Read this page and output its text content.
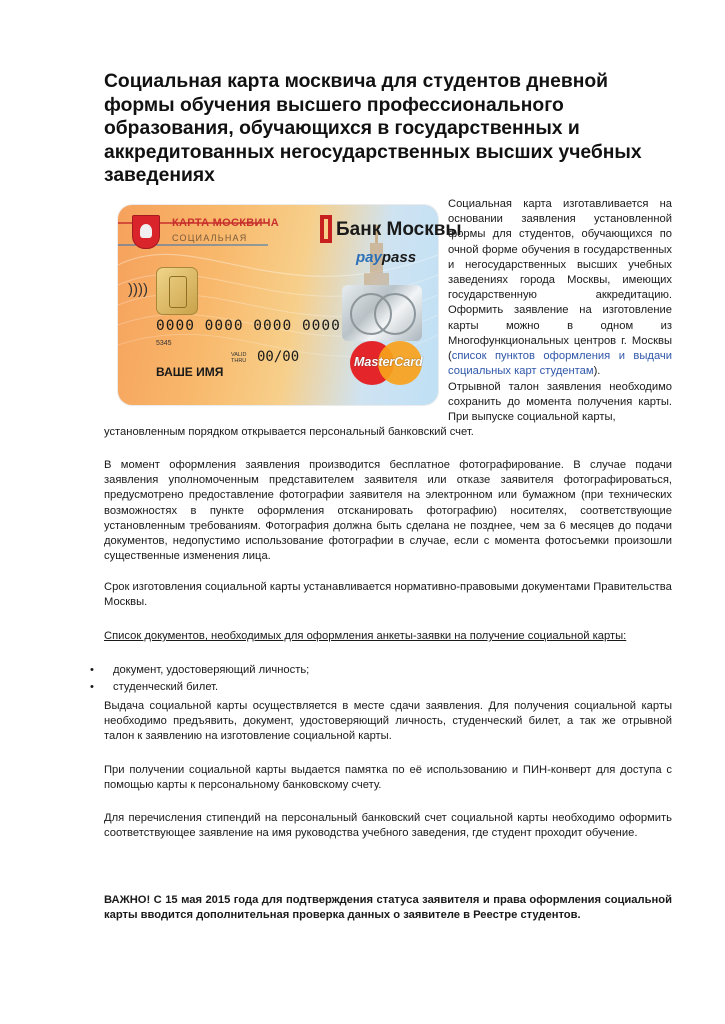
Социальная карта москвича для студентов дневной формы обучения высшего профессионального образования, обучающихся в государственных и аккредитованных негосударственных высших учебных заведениях
КАРТА МОСКВИЧА
СОЦИАЛЬНАЯ	Банк Москвы
paypass
))))
0000 0000 0000 0000
5345
VALID THRU 00/00
ВАШЕ ИМЯ
MasterCard

Социальная карта изготавливается на основании заявления установленной формы для студентов, обучающихся по очной форме обучения в государственных и негосударственных высших учебных заведениях города Москвы, имеющих государственную аккредитацию. Оформить заявление на изготовление карты можно в одном из Многофункциональных центров г. Москвы (список пунктов оформления и выдачи социальных карт студентам).

Отрывной талон заявления необходимо сохранить до момента получения карты. При выпуске социальной карты,

установленным порядком открывается персональный банковский счет.

В момент оформления заявления производится бесплатное фотографирование. В случае подачи заявления уполномоченным представителем заявителя или отказе заявителя фотографироваться, предусмотрено предоставление фотографии заявителя на электронном или бумажном (при технических возможностях в пункте оформления отсканировать фотографию) носителях, соответствующие установленным требованиям. Фотография должна быть сделана не позднее, чем за 6 месяцев до подачи документов, недопустимо использование фотографии в случае, если с момента фотосъемки произошли существенные изменения лица.

Срок изготовления социальной карты устанавливается нормативно-правовыми документами Правительства Москвы.

Список документов, необходимых для оформления анкеты-заявки на получение социальной карты:

• документ, удостоверяющий личность;
• студенческий билет.

Выдача социальной карты осуществляется в месте сдачи заявления. Для получения социальной карты необходимо предъявить, документ, удостоверяющий личность, студенческий билет, а так же отрывной талон к заявлению на изготовление социальной карты.

При получении социальной карты выдается памятка по её использованию и ПИН-конверт для доступа с помощью карты к персональному банковскому счету.

Для перечисления стипендий на персональный банковский счет социальной карты необходимо оформить соответствующее заявление на имя руководства учебного заведения, где студент проходит обучение.

ВАЖНО! С 15 мая 2015 года для подтверждения статуса заявителя и права оформления социальной карты вводится дополнительная проверка данных о заявителе в Реестре студентов.
